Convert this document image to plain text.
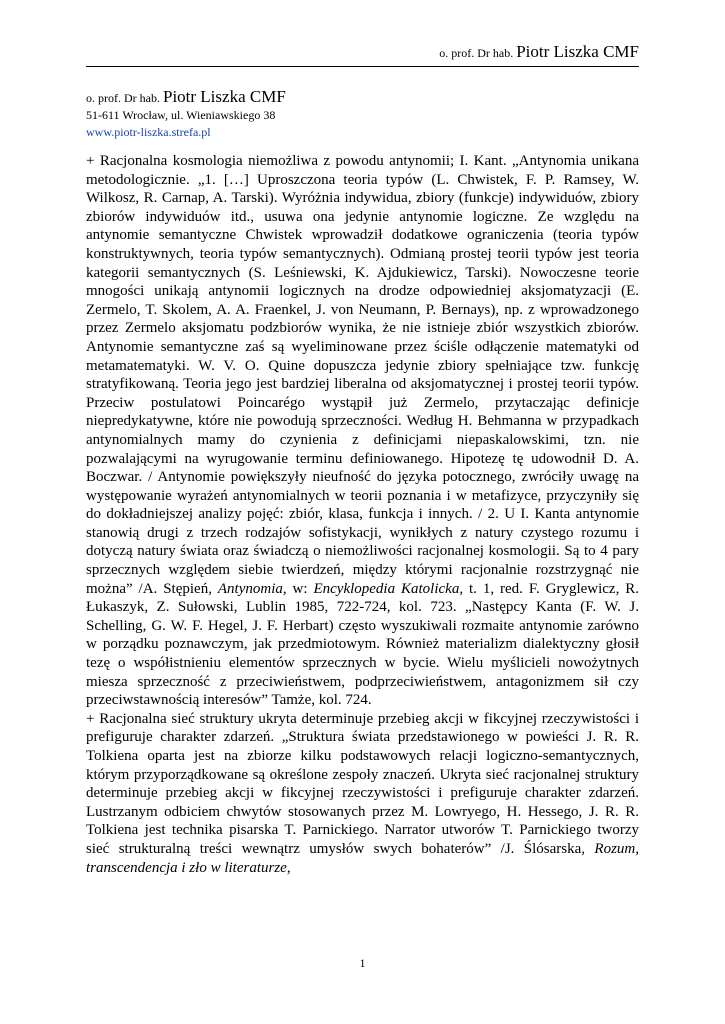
o. prof. Dr hab. Piotr Liszka CMF
o. prof. Dr hab. Piotr Liszka CMF
51-611 Wrocław, ul. Wieniawskiego 38
www.piotr-liszka.strefa.pl

+ Racjonalna kosmologia niemożliwa z powodu antynomii; I. Kant. „Antynomia unikana metodologicznie. „1. […] Uproszczona teoria typów (L. Chwistek, F. P. Ramsey, W. Wilkosz, R. Carnap, A. Tarski). Wyróżnia indywidua, zbiory (funkcje) indywiduów, zbiory zbiorów indywiduów itd., usuwa ona jedynie antynomie logiczne. Ze względu na antynomie semantyczne Chwistek wprowadził dodatkowe ograniczenia (teoria typów konstruktywnych, teoria typów semantycznych). Odmianą prostej teorii typów jest teoria kategorii semantycznych (S. Leśniewski, K. Ajdukiewicz, Tarski). Nowoczesne teorie mnogości unikają antynomii logicznych na drodze odpowiedniej aksjomatyzacji (E. Zermelo, T. Skolem, A. A. Fraenkel, J. von Neumann, P. Bernays), np. z wprowadzonego przez Zermelo aksjomatu podzbiorów wynika, że nie istnieje zbiór wszystkich zbiorów. Antynomie semantyczne zaś są wyeliminowane przez ściśle odłączenie matematyki od metamatematyki. W. V. O. Quine dopuszcza jedynie zbiory spełniające tzw. funkcję stratyfikowaną. Teoria jego jest bardziej liberalna od aksjomatycznej i prostej teorii typów. Przeciw postulatowi Poincarégo wystąpił już Zermelo, przytaczając definicje niepredykatywne, które nie powodują sprzeczności. Według H. Behmanna w przypadkach antynomialnych mamy do czynienia z definicjami niepaskalowskimi, tzn. nie pozwalającymi na wyrugowanie terminu definiowanego. Hipotezę tę udowodnił D. A. Boczwar. / Antynomie powiększyły nieufność do języka potocznego, zwróciły uwagę na występowanie wyrażeń antynomialnych w teorii poznania i w metafizyce, przyczyniły się do dokładniejszej analizy pojęć: zbiór, klasa, funkcja i innych. / 2. U I. Kanta antynomie stanowią drugi z trzech rodzajów sofistykacji, wynikłych z natury czystego rozumu i dotyczą natury świata oraz świadczą o niemożliwości racjonalnej kosmologii. Są to 4 pary sprzecznych względem siebie twierdzeń, między którymi racjonalnie rozstrzygnąć nie można” /A. Stępień, Antynomia, w: Encyklopedia Katolicka, t. 1, red. F. Gryglewicz, R. Łukaszyk, Z. Sułowski, Lublin 1985, 722-724, kol. 723. „Następcy Kanta (F. W. J. Schelling, G. W. F. Hegel, J. F. Herbart) często wyszukiwali rozmaite antynomie zarówno w porządku poznawczym, jak przedmiotowym. Również materializm dialektyczny głosił tezę o współistnieniu elementów sprzecznych w bycie. Wielu myślicieli nowożytnych miesza sprzeczność z przeciwieństwem, podprzeciwieństwem, antagonizmem sił czy przeciwstawnością interesów” Tamże, kol. 724.

+ Racjonalna sieć struktury ukryta determinuje przebieg akcji w fikcyjnej rzeczywistości i prefiguruje charakter zdarzeń. „Struktura świata przedstawionego w powieści J. R. R. Tolkiena oparta jest na zbiorze kilku podstawowych relacji logiczno-semantycznych, którym przyporządkowane są określone zespoły znaczeń. Ukryta sieć racjonalnej struktury determinuje przebieg akcji w fikcyjnej rzeczywistości i prefiguruje charakter zdarzeń. Lustrzanym odbiciem chwytów stosowanych przez M. Lowryego, H. Hessego, J. R. R. Tolkiena jest technika pisarska T. Parnickiego. Narrator utworów T. Parnickiego tworzy sieć strukturalną treści wewnątrz umysłów swych bohaterów” /J. Ślósarska, Rozum, transcendencja i zło w literaturze,

1
